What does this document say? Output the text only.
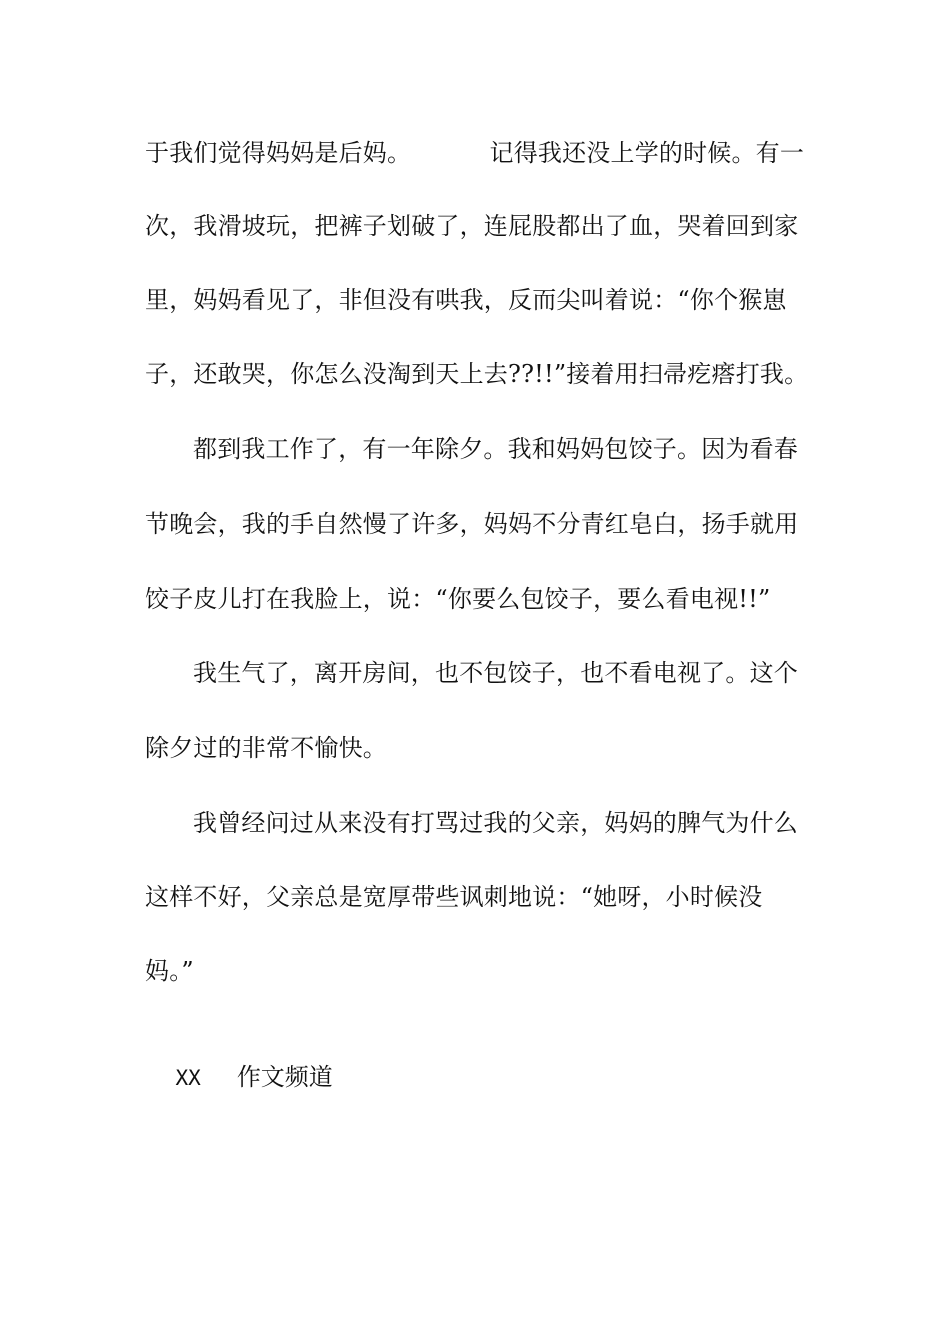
于我们觉得妈妈是后妈。          记得我还没上学的时候。有一
次，我滑坡玩，把裤子划破了，连屁股都出了血，哭着回到家
里，妈妈看见了，非但没有哄我，反而尖叫着说：“你个猴崽
子，还敢哭，你怎么没淘到天上去??!!”接着用扫帚疙瘩打我。
都到我工作了，有一年除夕。我和妈妈包饺子。因为看春
节晚会，我的手自然慢了许多，妈妈不分青红皂白，扬手就用
饺子皮儿打在我脸上，说：“你要么包饺子，要么看电视!!”
我生气了，离开房间，也不包饺子，也不看电视了。这个
除夕过的非常不愉快。
我曾经问过从来没有打骂过我的父亲，妈妈的脾气为什么
这样不好，父亲总是宽厚带些讽刺地说：“她呀，小时候没
妈。”

XX 作文频道
